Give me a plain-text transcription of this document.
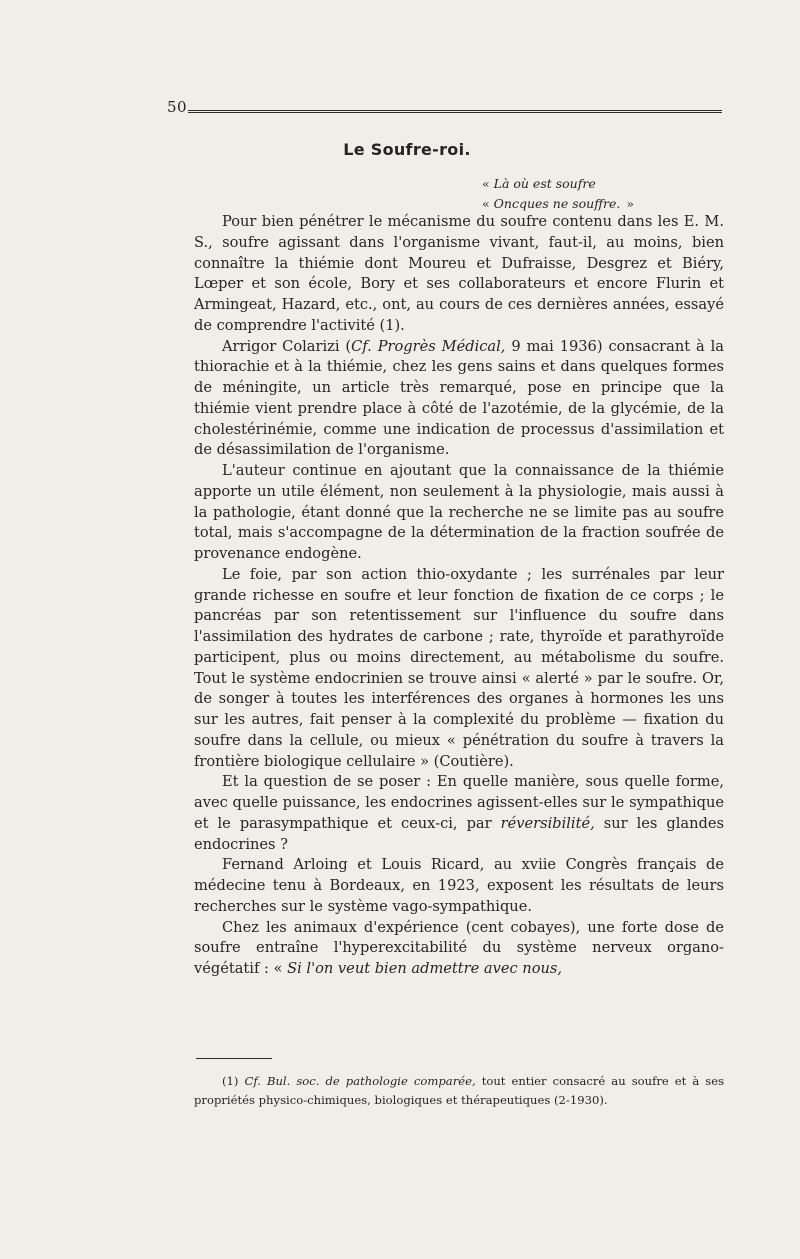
50
Le Soufre-roi.
« Là où est soufre
« Oncques ne souffre. »

Pour bien pénétrer le mécanisme du soufre contenu dans les E. M. S., soufre agissant dans l'organisme vivant, faut-il, au moins, bien connaître la thiémie dont Moureu et Dufraisse, Desgrez et Biéry, Lœper et son école, Bory et ses collaborateurs et encore Flurin et Armingeat, Hazard, etc., ont, au cours de ces dernières années, essayé de comprendre l'activité (1).

Arrigor Colarizi (Cf. Progrès Médical, 9 mai 1936) consacrant à la thiorachie et à la thiémie, chez les gens sains et dans quelques formes de méningite, un article très remarqué, pose en principe que la thiémie vient prendre place à côté de l'azotémie, de la glycémie, de la cholestérinémie, comme une indication de processus d'assimilation et de désassimilation de l'organisme.

L'auteur continue en ajoutant que la connaissance de la thiémie apporte un utile élément, non seulement à la physiologie, mais aussi à la pathologie, étant donné que la recherche ne se limite pas au soufre total, mais s'accompagne de la détermination de la fraction soufrée de provenance endogène.

Le foie, par son action thio-oxydante ; les surrénales par leur grande richesse en soufre et leur fonction de fixation de ce corps ; le pancréas par son retentissement sur l'influence du soufre dans l'assimilation des hydrates de carbone ; rate, thyroïde et parathyroïde participent, plus ou moins directement, au métabolisme du soufre. Tout le système endocrinien se trouve ainsi « alerté » par le soufre. Or, de songer à toutes les interférences des organes à hormones les uns sur les autres, fait penser à la complexité du problème — fixation du soufre dans la cellule, ou mieux « pénétration du soufre à travers la frontière biologique cellulaire » (Coutière).

Et la question de se poser : En quelle manière, sous quelle forme, avec quelle puissance, les endocrines agissent-elles sur le sympathique et le parasympathique et ceux-ci, par réversibilité, sur les glandes endocrines ?

Fernand Arloing et Louis Ricard, au xviie Congrès français de médecine tenu à Bordeaux, en 1923, exposent les résultats de leurs recherches sur le système vago-sympathique.

Chez les animaux d'expérience (cent cobayes), une forte dose de soufre entraîne l'hyperexcitabilité du système nerveux organo-végétatif : « Si l'on veut bien admettre avec nous,

(1) Cf. Bul. soc. de pathologie comparée, tout entier consacré au soufre et à ses propriétés physico-chimiques, biologiques et thérapeutiques (2-1930).
